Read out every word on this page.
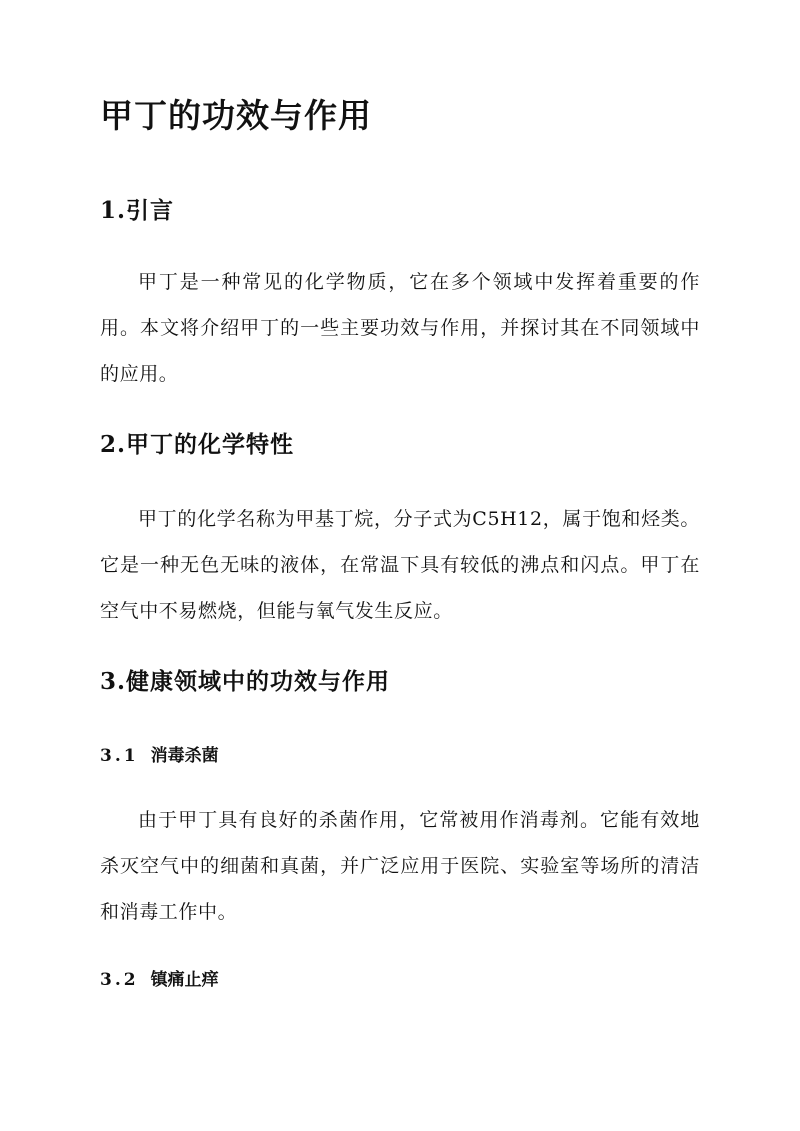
甲丁的功效与作用
1.引言

甲丁是一种常见的化学物质，它在多个领域中发挥着重要的作用。本文将介绍甲丁的一些主要功效与作用，并探讨其在不同领域中的应用。

2.甲丁的化学特性

甲丁的化学名称为甲基丁烷，分子式为C5H12，属于饱和烃类。它是一种无色无味的液体，在常温下具有较低的沸点和闪点。甲丁在空气中不易燃烧，但能与氧气发生反应。

3.健康领域中的功效与作用
3.1 消毒杀菌

由于甲丁具有良好的杀菌作用，它常被用作消毒剂。它能有效地杀灭空气中的细菌和真菌，并广泛应用于医院、实验室等场所的清洁和消毒工作中。

3.2 镇痛止痒
